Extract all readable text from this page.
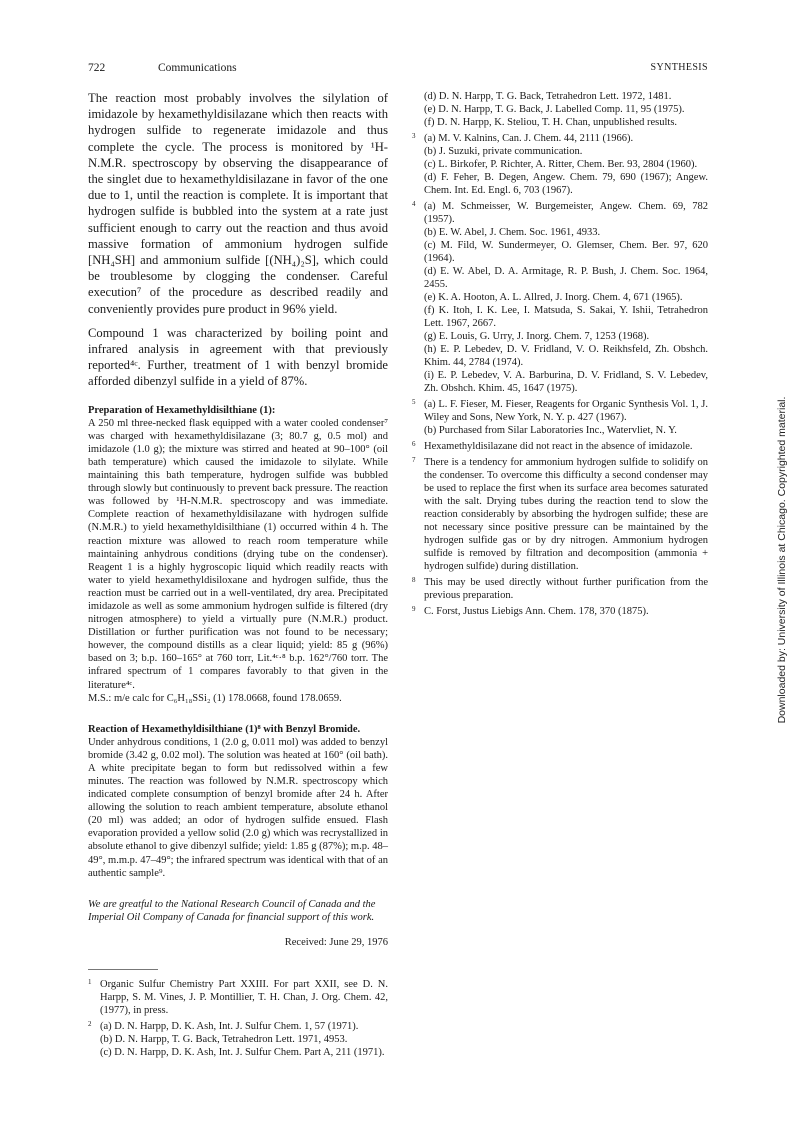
722	Communications	SYNTHESIS

The reaction most probably involves the silylation of imidazole by hexamethyldisilazane which then reacts with hydrogen sulfide to regenerate imidazole and thus complete the cycle. The process is monitored by ¹H-N.M.R. spectroscopy by observing the disappearance of the singlet due to hexamethyldisilazane in favor of the one due to 1, until the reaction is complete. It is important that hydrogen sulfide is bubbled into the system at a rate just sufficient enough to carry out the reaction and thus avoid massive formation of ammonium hydrogen sulfide [NH₄SH] and ammonium sulfide [(NH₄)₂S], which could be troublesome by clogging the condenser. Careful execution⁷ of the procedure as described readily and conveniently provides pure product in 96% yield.

Compound 1 was characterized by boiling point and infrared analysis in agreement with that previously reported⁴ᶜ. Further, treatment of 1 with benzyl bromide afforded dibenzyl sulfide in a yield of 87%.

Preparation of Hexamethyldisilthiane (1):

A 250 ml three-necked flask equipped with a water cooled condenser⁷ was charged with hexamethyldisilazane (3; 80.7 g, 0.5 mol) and imidazole (1.0 g); the mixture was stirred and heated at 90–100° (oil bath temperature) which caused the imidazole to silylate. While maintaining this bath temperature, hydrogen sulfide was bubbled through slowly but continuously to prevent back pressure. The reaction was followed by ¹H-N.M.R. spectroscopy and was immediate. Complete reaction of hexamethyldisilazane with hydrogen sulfide (N.M.R.) to yield hexamethyldisilthiane (1) occurred within 4 h. The reaction mixture was allowed to reach room temperature while maintaining anhydrous conditions (drying tube on the condenser). Reagent 1 is a highly hygroscopic liquid which readily reacts with water to yield hexamethyldisiloxane and hydrogen sulfide, thus the reaction must be carried out in a well-ventilated, dry area. Precipitated imidazole as well as some ammonium hydrogen sulfide is filtered (dry nitrogen atmosphere) to yield a virtually pure (N.M.R.) product. Distillation or further purification was not found to be necessary; however, the compound distills as a clear liquid; yield: 85 g (96%) based on 3; b.p. 160–165° at 760 torr, Lit.⁴ᶜ·⁸ b.p. 162°/760 torr. The infrared spectrum of 1 compares favorably to that given in the literature⁴ᶜ.

M.S.: m/e calc for C₆H₁₈SSi₂ (1) 178.0668, found 178.0659.

Reaction of Hexamethyldisilthiane (1)⁸ with Benzyl Bromide.

Under anhydrous conditions, 1 (2.0 g, 0.011 mol) was added to benzyl bromide (3.42 g, 0.02 mol). The solution was heated at 160° (oil bath). A white precipitate began to form but redissolved within a few minutes. The reaction was followed by N.M.R. spectroscopy which indicated complete consumption of benzyl bromide after 24 h. After allowing the solution to reach ambient temperature, absolute ethanol (20 ml) was added; an odor of hydrogen sulfide ensued. Flash evaporation provided a yellow solid (2.0 g) which was recrystallized in absolute ethanol to give dibenzyl sulfide; yield: 1.85 g (87%); m.p. 48–49°, m.m.p. 47–49°; the infrared spectrum was identical with that of an authentic sample⁹.

We are greatful to the National Research Council of Canada and the Imperial Oil Company of Canada for financial support of this work.

Received: June 29, 1976

1 Organic Sulfur Chemistry Part XXIII. For part XXII, see D. N. Harpp, S. M. Vines, J. P. Montillier, T. H. Chan, J. Org. Chem. 42, (1977), in press.

2 (a) D. N. Harpp, D. K. Ash, Int. J. Sulfur Chem. 1, 57 (1971).

(b) D. N. Harpp, T. G. Back, Tetrahedron Lett. 1971, 4953.

(c) D. N. Harpp, D. K. Ash, Int. J. Sulfur Chem. Part A, 211 (1971).

(d) D. N. Harpp, T. G. Back, Tetrahedron Lett. 1972, 1481.

(e) D. N. Harpp, T. G. Back, J. Labelled Comp. 11, 95 (1975).

(f) D. N. Harpp, K. Steliou, T. H. Chan, unpublished results.

3 (a) M. V. Kalnins, Can. J. Chem. 44, 2111 (1966).

(b) J. Suzuki, private communication.

(c) L. Birkofer, P. Richter, A. Ritter, Chem. Ber. 93, 2804 (1960).

(d) F. Feher, B. Degen, Angew. Chem. 79, 690 (1967); Angew. Chem. Int. Ed. Engl. 6, 703 (1967).

4 (a) M. Schmeisser, W. Burgemeister, Angew. Chem. 69, 782 (1957).

(b) E. W. Abel, J. Chem. Soc. 1961, 4933.

(c) M. Fild, W. Sundermeyer, O. Glemser, Chem. Ber. 97, 620 (1964).

(d) E. W. Abel, D. A. Armitage, R. P. Bush, J. Chem. Soc. 1964, 2455.

(e) K. A. Hooton, A. L. Allred, J. Inorg. Chem. 4, 671 (1965).

(f) K. Itoh, I. K. Lee, I. Matsuda, S. Sakai, Y. Ishii, Tetrahedron Lett. 1967, 2667.

(g) E. Louis, G. Urry, J. Inorg. Chem. 7, 1253 (1968).

(h) E. P. Lebedev, D. V. Fridland, V. O. Reikhsfeld, Zh. Obshch. Khim. 44, 2784 (1974).

(i) E. P. Lebedev, V. A. Barburina, D. V. Fridland, S. V. Lebedev, Zh. Obshch. Khim. 45, 1647 (1975).

5 (a) L. F. Fieser, M. Fieser, Reagents for Organic Synthesis Vol. 1, J. Wiley and Sons, New York, N. Y. p. 427 (1967).

(b) Purchased from Silar Laboratories Inc., Watervliet, N. Y.

6 Hexamethyldisilazane did not react in the absence of imidazole.

7 There is a tendency for ammonium hydrogen sulfide to solidify on the condenser. To overcome this difficulty a second condenser may be used to replace the first when its surface area becomes saturated with the salt. Drying tubes during the reaction tend to slow the reaction considerably by absorbing the hydrogen sulfide; these are not necessary since positive pressure can be maintained by the hydrogen sulfide gas or by dry nitrogen. Ammonium hydrogen sulfide is removed by filtration and decomposition (ammonia + hydrogen sulfide) during distillation.

8 This may be used directly without further purification from the previous preparation.

9 C. Forst, Justus Liebigs Ann. Chem. 178, 370 (1875).	Downloaded by: University of Illinois at Chicago. Copyrighted material.
